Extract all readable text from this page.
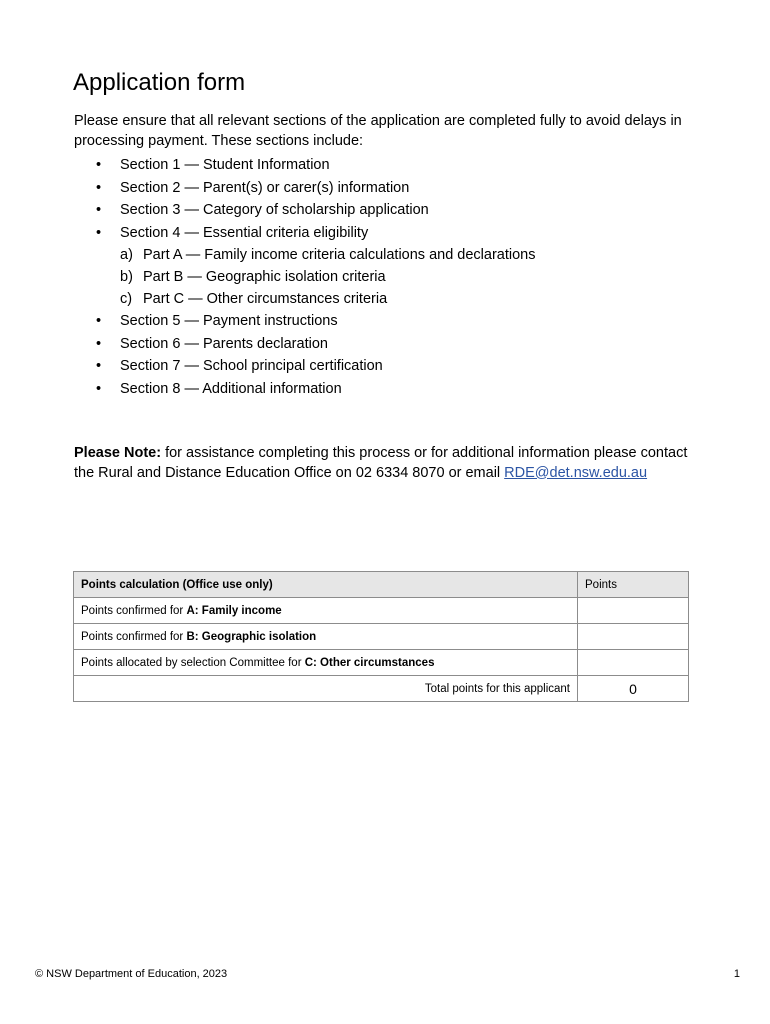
Application form

Please ensure that all relevant sections of the application are completed fully to avoid delays in processing payment. These sections include:

• Section 1 — Student Information
• Section 2 — Parent(s) or carer(s) information
• Section 3 — Category of scholarship application
• Section 4 — Essential criteria eligibility
a) Part A — Family income criteria calculations and declarations
b) Part B — Geographic isolation criteria
c) Part C — Other circumstances criteria
• Section 5 — Payment instructions
• Section 6 — Parents declaration
• Section 7 — School principal certification
• Section 8 — Additional information

Please Note: for assistance completing this process or for additional information please contact the Rural and Distance Education Office on 02 6334 8070 or email RDE@det.nsw.edu.au

Points calculation (Office use only)	Points
Points confirmed for A: Family income	
Points confirmed for B: Geographic isolation	
Points allocated by selection Committee for C: Other circumstances	
Total points for this applicant	0
© NSW Department of Education, 2023	1
